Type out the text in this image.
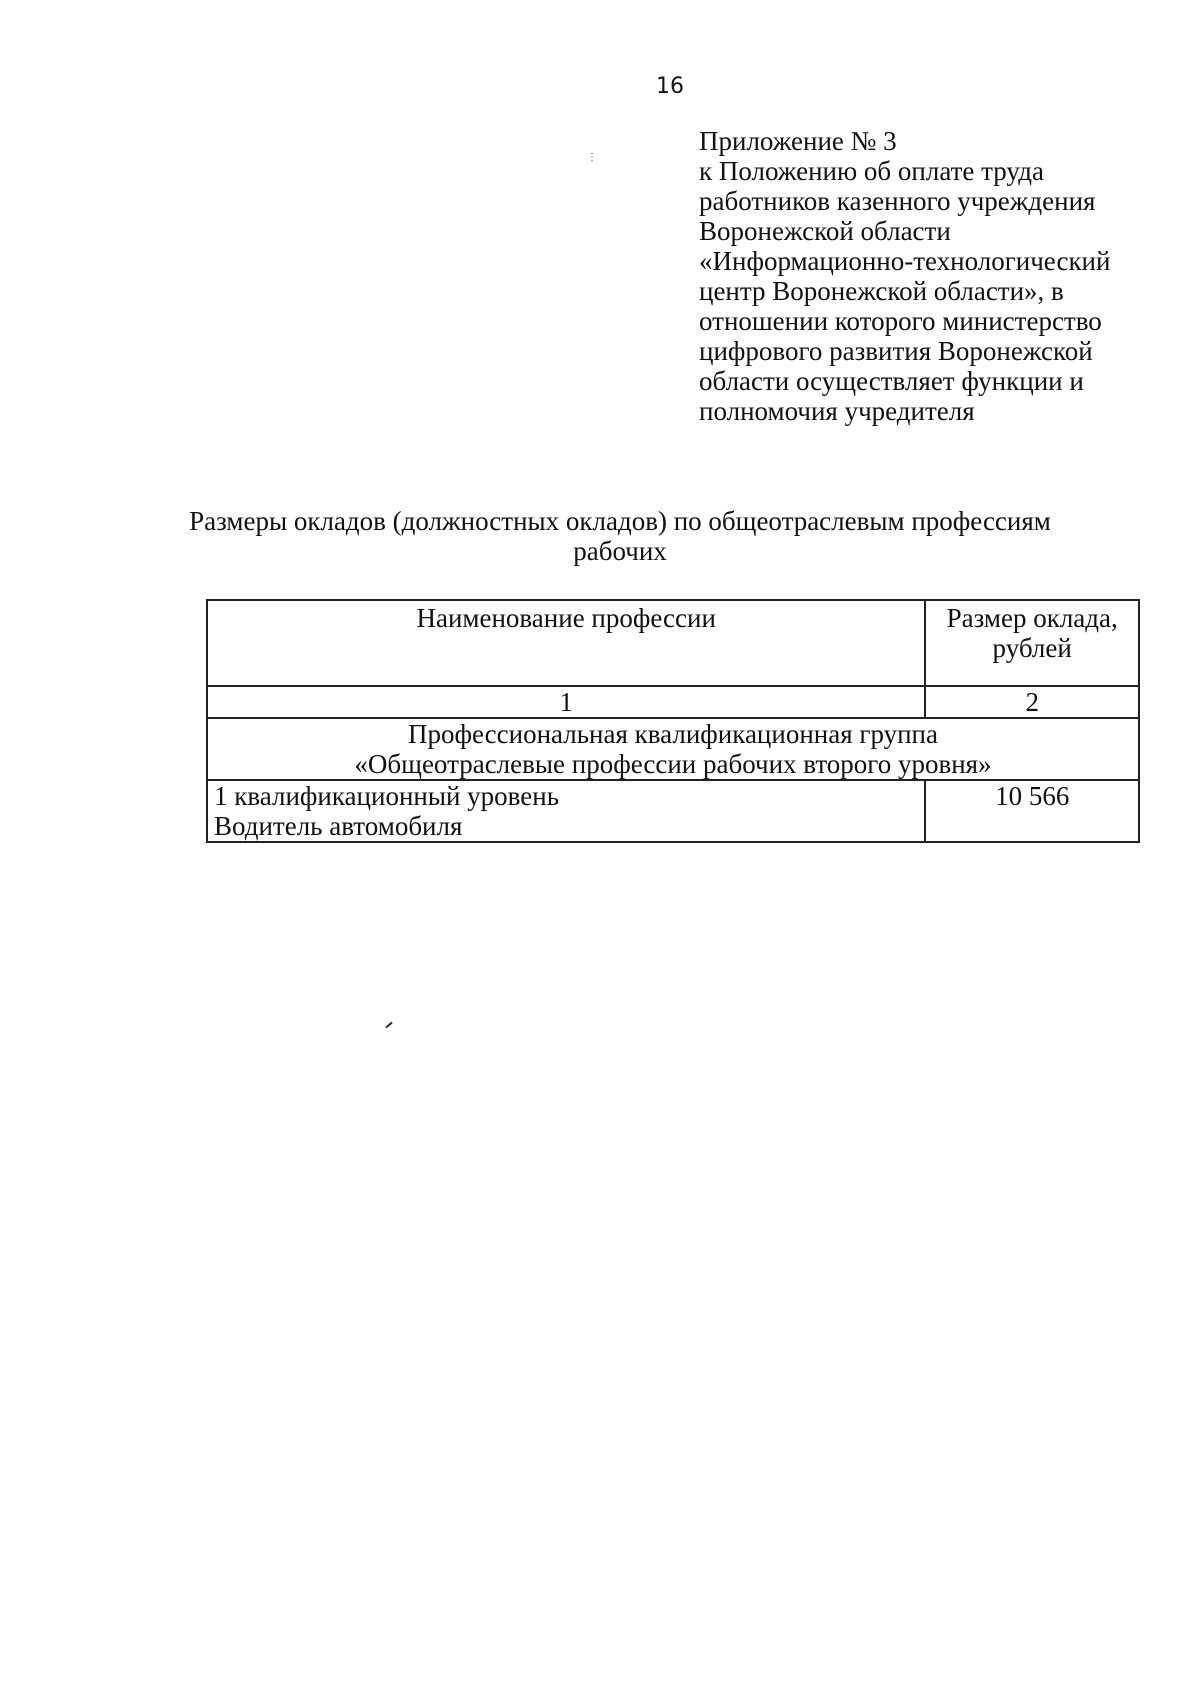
16
⋮
Приложение № 3
к Положению об оплате труда
работников казенного учреждения
Воронежской области
«Информационно-технологический
центр Воронежской области», в
отношении которого министерство
цифрового развития Воронежской
области осуществляет функции и
полномочия учредителя
Размеры окладов (должностных окладов) по общеотраслевым профессиям
рабочих
Наименование профессии	Размер оклада,
рублей

1	2

Профессиональная квалификационная группа
«Общеотраслевые профессии рабочих второго уровня»	

1 квалификационный уровень
Водитель автомобиля	10 566
